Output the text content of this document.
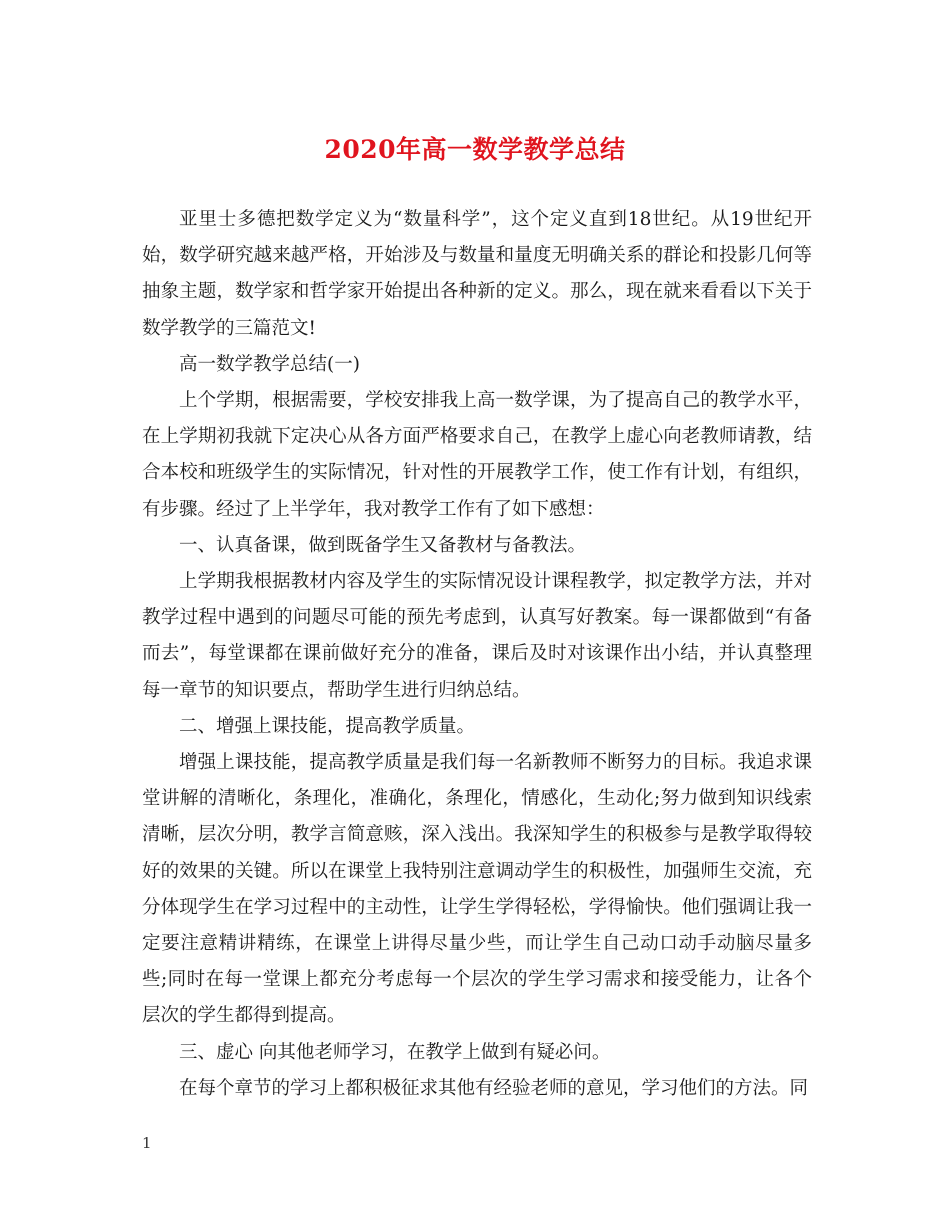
2020年高一数学教学总结

亚里士多德把数学定义为“数量科学”，这个定义直到18世纪。从19世纪开始，数学研究越来越严格，开始涉及与数量和量度无明确关系的群论和投影几何等抽象主题，数学家和哲学家开始提出各种新的定义。那么，现在就来看看以下关于数学教学的三篇范文!

高一数学教学总结(一)

上个学期，根据需要，学校安排我上高一数学课，为了提高自己的教学水平，在上学期初我就下定决心从各方面严格要求自己，在教学上虚心向老教师请教，结合本校和班级学生的实际情况，针对性的开展教学工作，使工作有计划，有组织，有步骤。经过了上半学年，我对教学工作有了如下感想：

一、认真备课，做到既备学生又备教材与备教法。

上学期我根据教材内容及学生的实际情况设计课程教学，拟定教学方法，并对教学过程中遇到的问题尽可能的预先考虑到，认真写好教案。每一课都做到“有备而去”，每堂课都在课前做好充分的准备，课后及时对该课作出小结，并认真整理每一章节的知识要点，帮助学生进行归纳总结。

二、增强上课技能，提高教学质量。

增强上课技能，提高教学质量是我们每一名新教师不断努力的目标。我追求课堂讲解的清晰化，条理化，准确化，条理化，情感化，生动化;努力做到知识线索清晰，层次分明，教学言简意赅，深入浅出。我深知学生的积极参与是教学取得较好的效果的关键。所以在课堂上我特别注意调动学生的积极性，加强师生交流，充分体现学生在学习过程中的主动性，让学生学得轻松，学得愉快。他们强调让我一定要注意精讲精练，在课堂上讲得尽量少些，而让学生自己动口动手动脑尽量多些;同时在每一堂课上都充分考虑每一个层次的学生学习需求和接受能力，让各个层次的学生都得到提高。

三、虚心 向其他老师学习，在教学上做到有疑必问。

在每个章节的学习上都积极征求其他有经验老师的意见，学习他们的方法。同

1
